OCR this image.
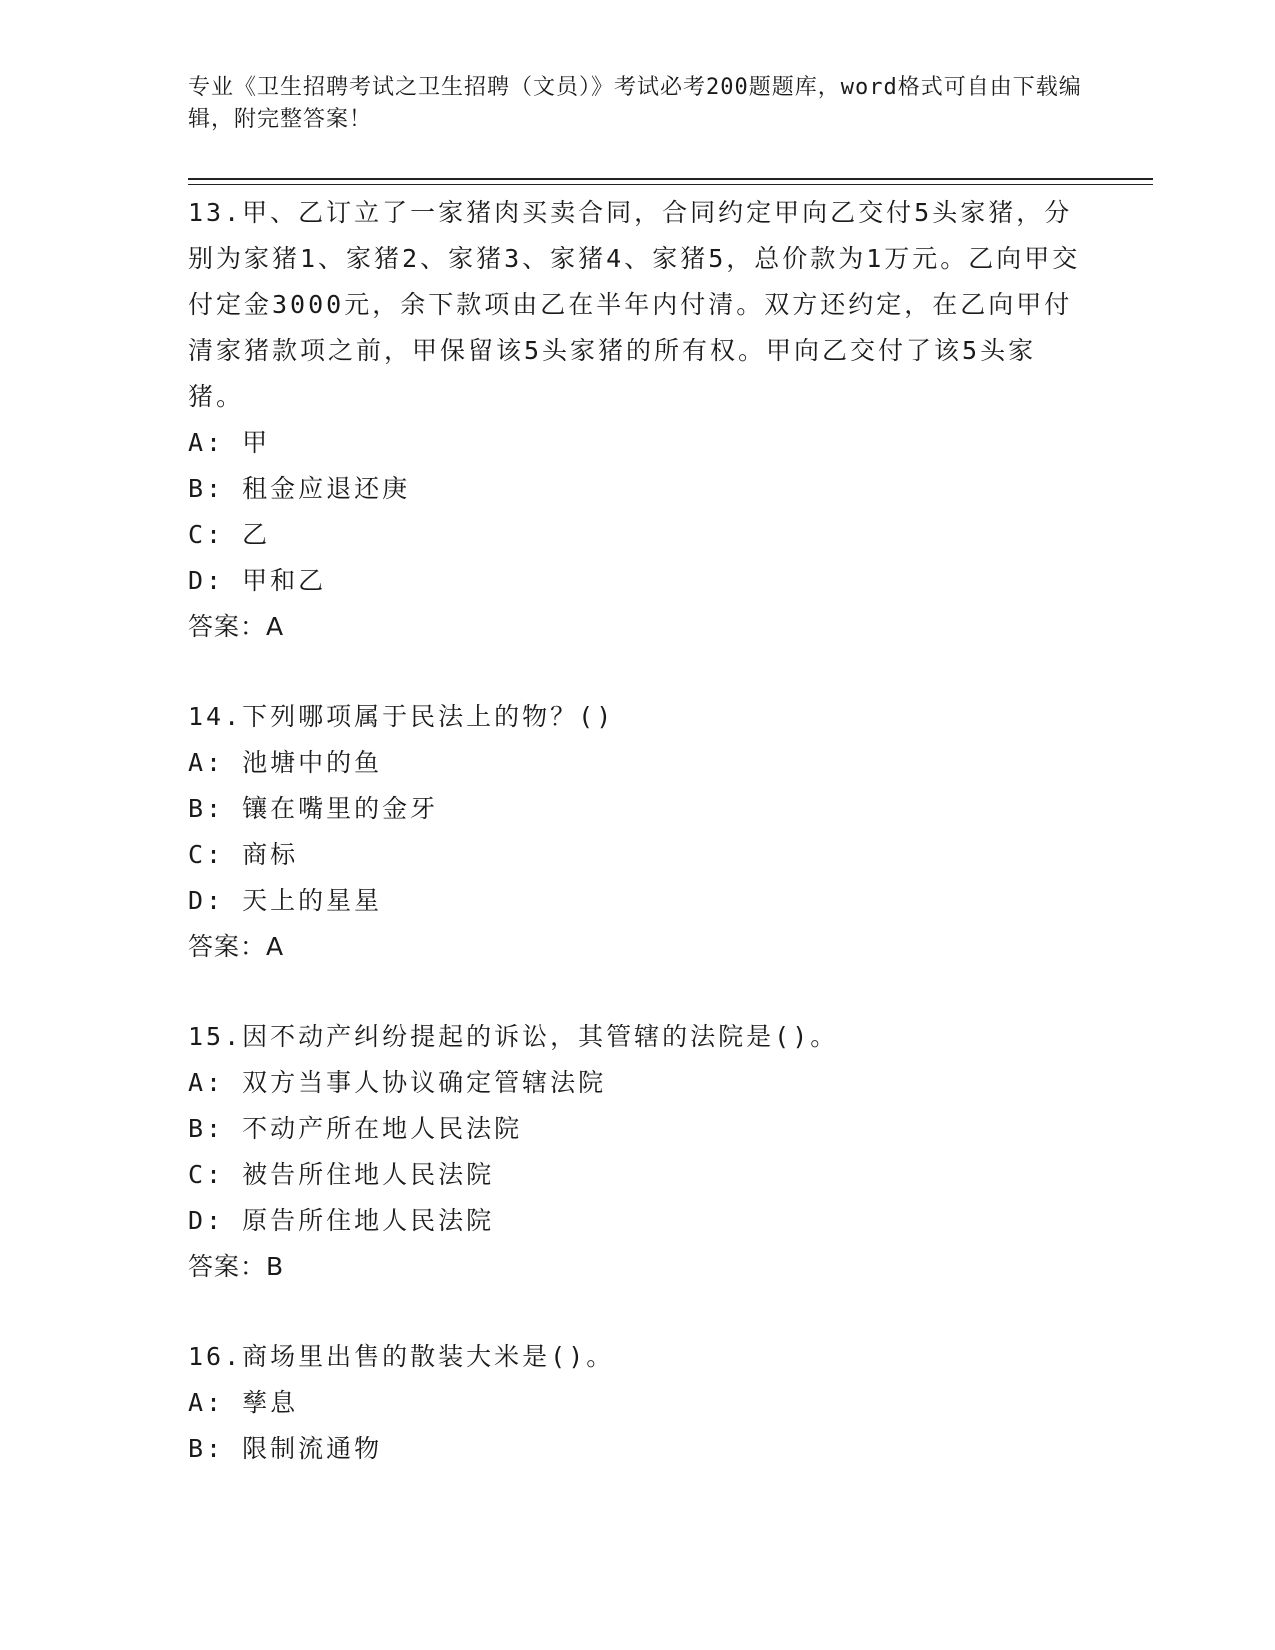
专业《卫生招聘考试之卫生招聘（文员）》考试必考200题题库，word格式可自由下载编辑，附完整答案！

13.甲、乙订立了一家猪肉买卖合同，合同约定甲向乙交付5头家猪，分别为家猪1、家猪2、家猪3、家猪4、家猪5，总价款为1万元。乙向甲交付定金3000元，余下款项由乙在半年内付清。双方还约定，在乙向甲付清家猪款项之前，甲保留该5头家猪的所有权。甲向乙交付了该5头家猪。

A: 甲

B: 租金应退还庚

C: 乙

D: 甲和乙

答案：A

14.下列哪项属于民法上的物？()

A: 池塘中的鱼

B: 镶在嘴里的金牙

C: 商标

D: 天上的星星

答案：A

15.因不动产纠纷提起的诉讼，其管辖的法院是()。

A: 双方当事人协议确定管辖法院

B: 不动产所在地人民法院

C: 被告所住地人民法院

D: 原告所住地人民法院

答案：B

16.商场里出售的散装大米是()。

A: 孳息

B: 限制流通物
